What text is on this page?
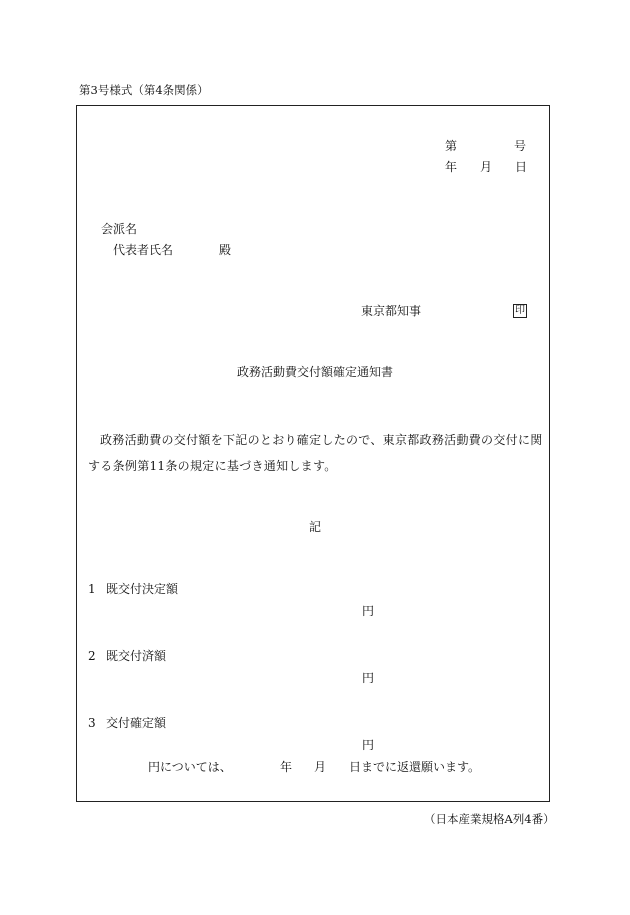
第3号様式（第4条関係）
第	号
年 月 日
会派名
代表者氏名	殿
東京都知事	印
政務活動費交付額確定通知書
政務活動費の交付額を下記のとおり確定したので、東京都政務活動費の交付に関する条例第11条の規定に基づき通知します。
記
1 既交付決定額
円
2 既交付済額
円
3 交付確定額
円
円については、	年 月 日までに返還願います。
（日本産業規格A列4番）
